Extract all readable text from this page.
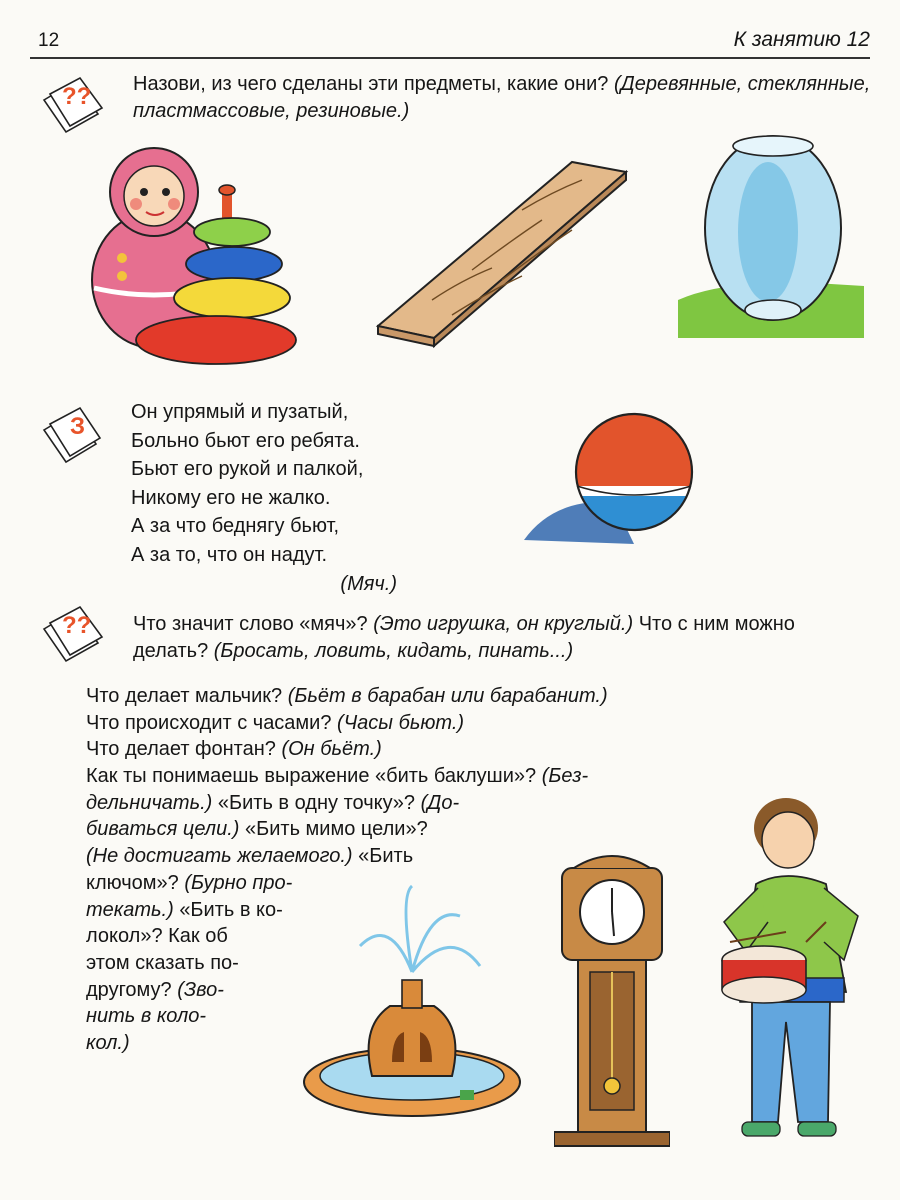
12	К занятию 12
?? Назови, из чего сделаны эти предметы, какие они? (Деревянные, стеклянные, пластмассовые, резиновые.)

З
Он упрямый и пузатый,
Больно бьют его ребята.
Бьют его рукой и палкой,
Никому его не жалко.
А за что беднягу бьют,
А за то, что он надут.
(Мяч.)
?? Что значит слово «мяч»? (Это игрушка, он круглый.) Что с ним можно делать? (Бросать, ловить, кидать, пинать...)

Что делает мальчик? (Бьёт в барабан или барабанит.)
Что происходит с часами? (Часы бьют.)
Что делает фонтан? (Он бьёт.)
Как ты понимаешь выражение «бить баклуши»? (Без-
дельничать.) «Бить в одну точку»? (До-
биваться цели.) «Бить мимо цели»?
(Не достигать желаемого.) «Бить
ключом»? (Бурно про-
текать.) «Бить в ко-
локол»? Как об
этом сказать по-
другому? (Зво-
нить в коло-
кол.)
